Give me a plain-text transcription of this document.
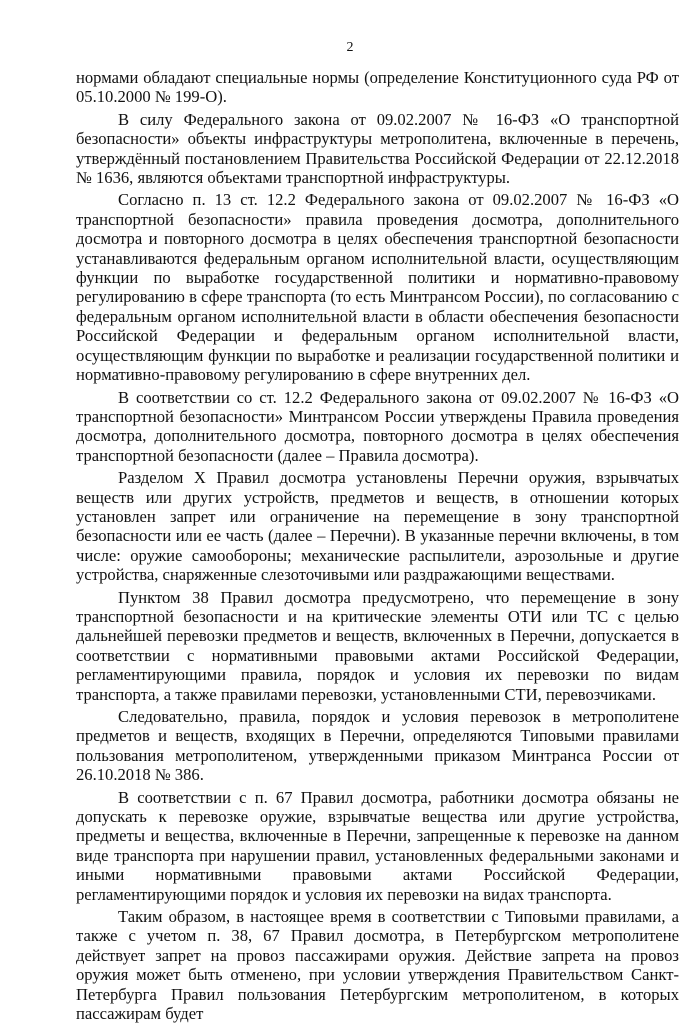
2

нормами обладают специальные нормы (определение Конституционного суда РФ от 05.10.2000 № 199-О).

В силу Федерального закона от 09.02.2007 № 16-ФЗ «О транспортной безопасности» объекты инфраструктуры метрополитена, включенные в перечень, утверждённый постановлением Правительства Российской Федерации от 22.12.2018 № 1636, являются объектами транспортной инфраструктуры.

Согласно п. 13 ст. 12.2 Федерального закона от 09.02.2007 № 16-ФЗ «О транспортной безопасности» правила проведения досмотра, дополнительного досмотра и повторного досмотра в целях обеспечения транспортной безопасности устанавливаются федеральным органом исполнительной власти, осуществляющим функции по выработке государственной политики и нормативно-правовому регулированию в сфере транспорта (то есть Минтрансом России), по согласованию с федеральным органом исполнительной власти в области обеспечения безопасности Российской Федерации и федеральным органом исполнительной власти, осуществляющим функции по выработке и реализации государственной политики и нормативно-правовому регулированию в сфере внутренних дел.

В соответствии со ст. 12.2 Федерального закона от 09.02.2007 № 16-ФЗ «О транспортной безопасности» Минтрансом России утверждены Правила проведения досмотра, дополнительного досмотра, повторного досмотра в целях обеспечения транспортной безопасности (далее – Правила досмотра).

Разделом X Правил досмотра установлены Перечни оружия, взрывчатых веществ или других устройств, предметов и веществ, в отношении которых установлен запрет или ограничение на перемещение в зону транспортной безопасности или ее часть (далее – Перечни). В указанные перечни включены, в том числе: оружие самообороны; механические распылители, аэрозольные и другие устройства, снаряженные слезоточивыми или раздражающими веществами.

Пунктом 38 Правил досмотра предусмотрено, что перемещение в зону транспортной безопасности и на критические элементы ОТИ или ТС с целью дальнейшей перевозки предметов и веществ, включенных в Перечни, допускается в соответствии с нормативными правовыми актами Российской Федерации, регламентирующими правила, порядок и условия их перевозки по видам транспорта, а также правилами перевозки, установленными СТИ, перевозчиками.

Следовательно, правила, порядок и условия перевозок в метрополитене предметов и веществ, входящих в Перечни, определяются Типовыми правилами пользования метрополитеном, утвержденными приказом Минтранса России от 26.10.2018 № 386.

В соответствии с п. 67 Правил досмотра, работники досмотра обязаны не допускать к перевозке оружие, взрывчатые вещества или другие устройства, предметы и вещества, включенные в Перечни, запрещенные к перевозке на данном виде транспорта при нарушении правил, установленных федеральными законами и иными нормативными правовыми актами Российской Федерации, регламентирующими порядок и условия их перевозки на видах транспорта.

Таким образом, в настоящее время в соответствии с Типовыми правилами, а также с учетом п. 38, 67 Правил досмотра, в Петербургском метрополитене действует запрет на провоз пассажирами оружия. Действие запрета на провоз оружия может быть отменено, при условии утверждения Правительством Санкт-Петербурга Правил пользования Петербургским метрополитеном, в которых пассажирам будет
